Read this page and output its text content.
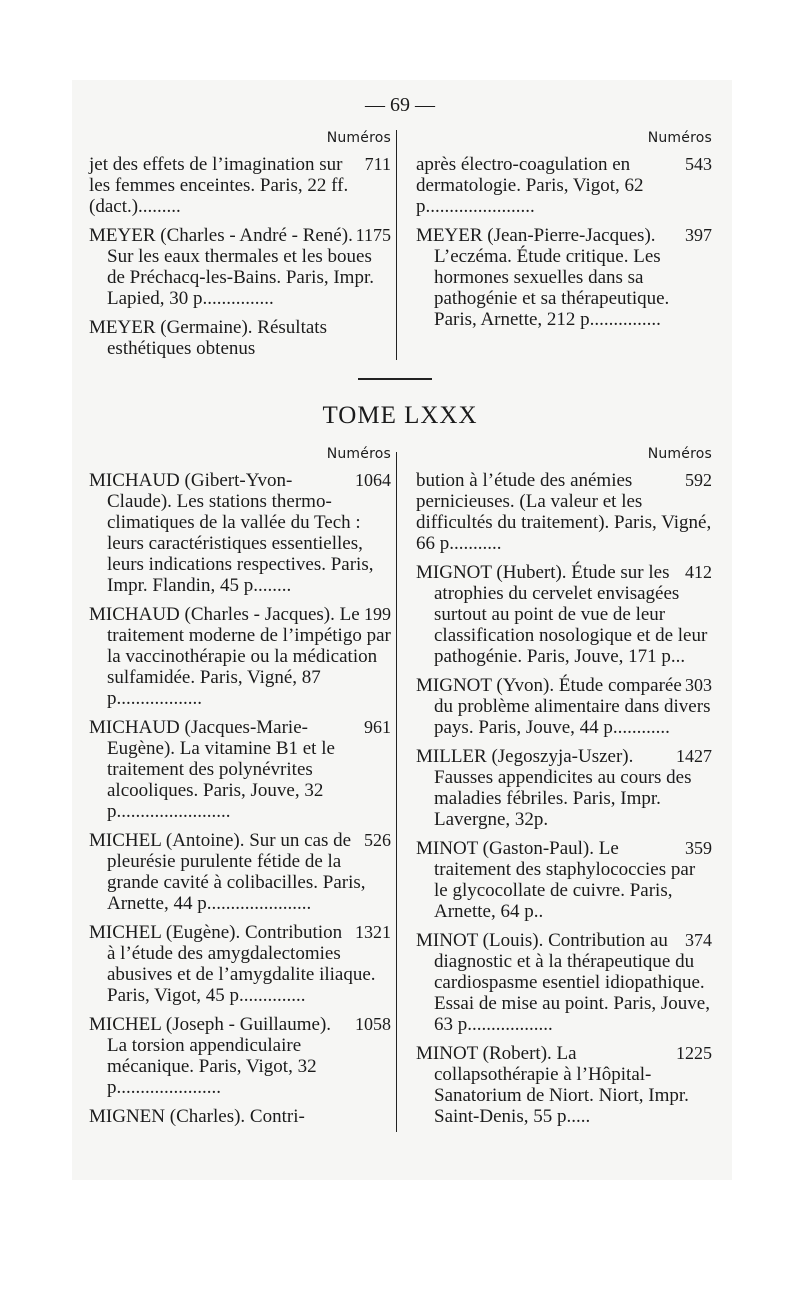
— 69 —
Numéros
711
jet des effets de l’imagination sur les femmes enceintes. Paris, 22 ff. (dact.).........
1175
MEYER (Charles - André - René). Sur les eaux thermales et les boues de Préchacq-les-Bains. Paris, Impr. Lapied, 30 p...............
MEYER (Germaine). Résultats esthétiques obtenus
Numéros
543
après électro-coagulation en dermatologie. Paris, Vigot, 62 p.......................
397
MEYER (Jean-Pierre-Jacques). L’eczéma. Étude critique. Les hormones sexuelles dans sa pathogénie et sa thérapeutique. Paris, Arnette, 212 p...............
TOME LXXX
Numéros
1064
MICHAUD (Gibert-Yvon-Claude). Les stations thermo-climatiques de la vallée du Tech : leurs caractéristiques essentielles, leurs indications respectives. Paris, Impr. Flandin, 45 p........
199
MICHAUD (Charles - Jacques). Le traitement moderne de l’impétigo par la vaccinothérapie ou la médication sulfamidée. Paris, Vigné, 87 p..................
961
MICHAUD (Jacques-Marie-Eugène). La vitamine B1 et le traitement des polynévrites alcooliques. Paris, Jouve, 32 p........................
526
MICHEL (Antoine). Sur un cas de pleurésie purulente fétide de la grande cavité à colibacilles. Paris, Arnette, 44 p......................
1321
MICHEL (Eugène). Contribution à l’étude des amygdalectomies abusives et de l’amygdalite iliaque. Paris, Vigot, 45 p..............
1058
MICHEL (Joseph - Guillaume). La torsion appendiculaire mécanique. Paris, Vigot, 32 p......................
MIGNEN (Charles). Contri-
Numéros
592
bution à l’étude des anémies pernicieuses. (La valeur et les difficultés du traitement). Paris, Vigné, 66 p...........
412
MIGNOT (Hubert). Étude sur les atrophies du cervelet envisagées surtout au point de vue de leur classification nosologique et de leur pathogénie. Paris, Jouve, 171 p...
303
MIGNOT (Yvon). Étude comparée du problème alimentaire dans divers pays. Paris, Jouve, 44 p............
1427
MILLER (Jegoszyja-Uszer). Fausses appendicites au cours des maladies fébriles. Paris, Impr. Lavergne, 32p.
359
MINOT (Gaston-Paul). Le traitement des staphylococcies par le glycocollate de cuivre. Paris, Arnette, 64 p..
374
MINOT (Louis). Contribution au diagnostic et à la thérapeutique du cardiospasme esentiel idiopathique. Essai de mise au point. Paris, Jouve, 63 p..................
1225
MINOT (Robert). La collapsothérapie à l’Hôpital-Sanatorium de Niort. Niort, Impr. Saint-Denis, 55 p.....
